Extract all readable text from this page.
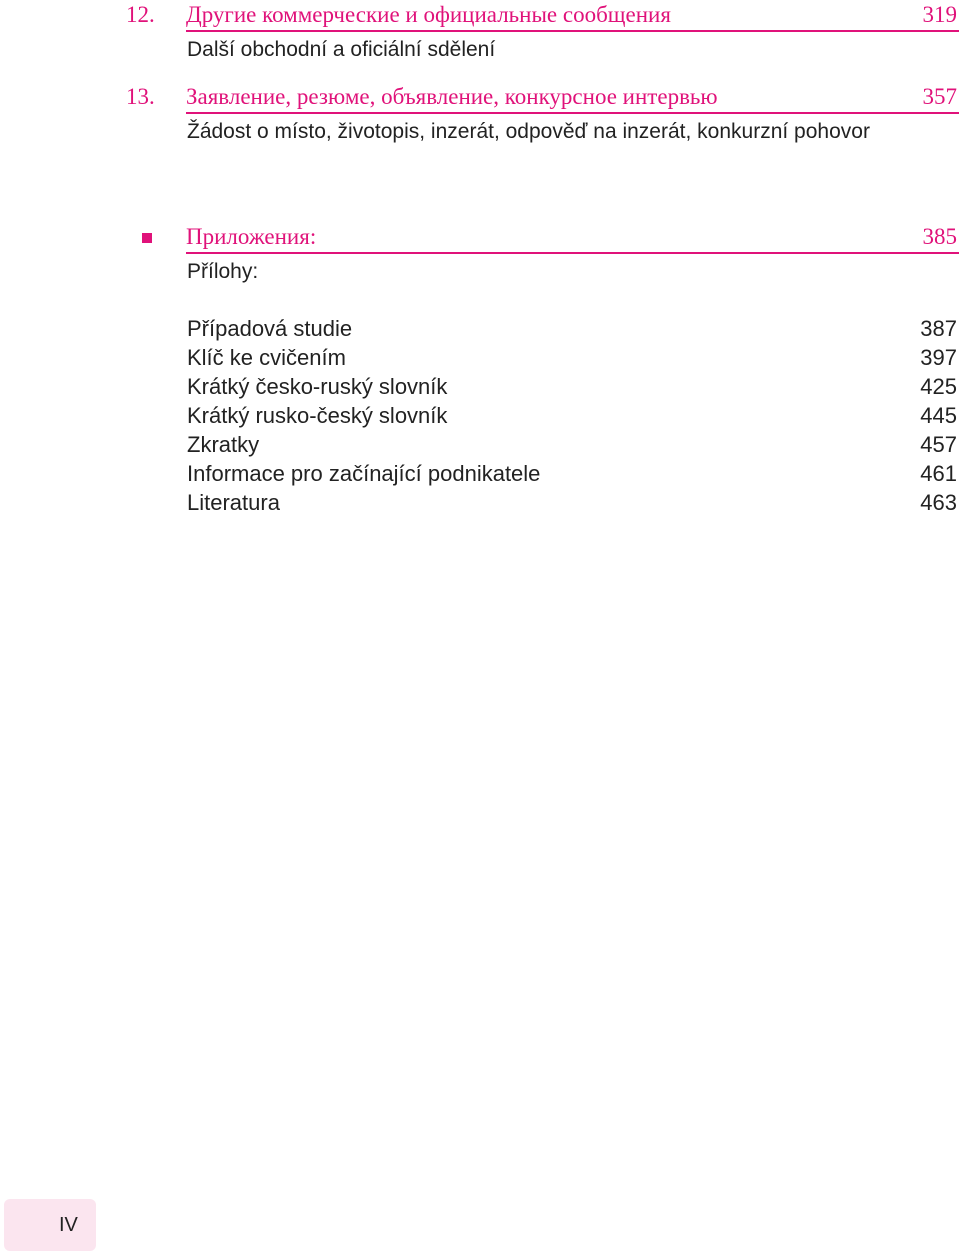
12. Другие коммерческие и официальные сообщения	319
Další obchodní a oficiální sdělení
13. Заявление, резюме, объявление, конкурсное интервью	357
Žádost o místo, životopis, inzerát, odpověď na inzerát, konkurzní pohovor
Приложения:	385
Přílohy:
Případová studie	387
Klíč ke cvičením	397
Krátký česko-ruský slovník	425
Krátký rusko-český slovník	445
Zkratky	457
Informace pro začínající podnikatele	461
Literatura	463
IV
